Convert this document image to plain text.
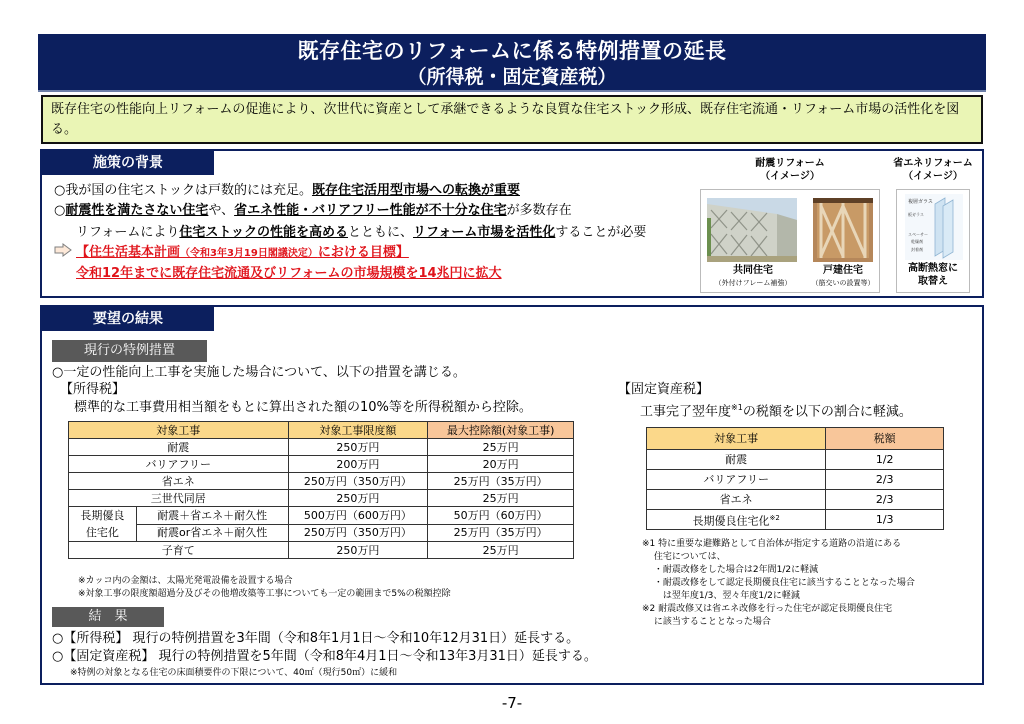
既存住宅のリフォームに係る特例措置の延長
（所得税・固定資産税）
既存住宅の性能向上リフォームの促進により、次世代に資産として承継できるような良質な住宅ストック形成、既存住宅流通・リフォーム市場の活性化を図る。
施策の背景
○我が国の住宅ストックは戸数的には充足。既存住宅活用型市場への転換が重要
○耐震性を満たさない住宅や、省エネ性能・バリアフリー性能が不十分な住宅が多数存在
リフォームにより住宅ストックの性能を高めるとともに、リフォーム市場を活性化することが必要
【住生活基本計画（令和3年3月19日閣議決定）における目標】
令和12年までに既存住宅流通及びリフォームの市場規模を14兆円に拡大
耐震リフォーム
（イメージ）
省エネリフォーム
（イメージ）
共同住宅
（外付けフレーム補強）
戸建住宅
（筋交いの設置等）
複層ガラス
板ガラス
スペーサー
乾燥剤
封着剤
高断熱窓に
取替え
要望の結果
現行の特例措置
○一定の性能向上工事を実施した場合について、以下の措置を講じる。
【所得税】
標準的な工事費用相当額をもとに算出された額の10%等を所得税額から控除。
対象工事		対象工事限度額	最大控除額(対象工事)
耐震		250万円	25万円
バリアフリー		200万円	20万円
省エネ		250万円（350万円）	25万円（35万円）
三世代同居		250万円	25万円

長期優良
住宅化	耐震＋省エネ＋耐久性	500万円（600万円）	50万円（60万円）
	耐震or省エネ＋耐久性	250万円（350万円）	25万円（35万円）
子育て		250万円	25万円
※カッコ内の金額は、太陽光発電設備を設置する場合
※対象工事の限度額超過分及びその他増改築等工事についても一定の範囲まで5%の税額控除
【固定資産税】
工事完了翌年度$^{※1}$の税額を以下の割合に軽減。
対象工事	税額
耐震	1/2
バリアフリー	2/3
省エネ	2/3
長期優良住宅化$^{※2}$	1/3
※1 特に重要な避難路として自治体が指定する道路の沿道にある
　 住宅については、
　 ・耐震改修をした場合は2年間1/2に軽減
　 ・耐震改修をして認定長期優良住宅に該当することとなった場合
　 　は翌年度1/3、翌々年度1/2に軽減
※2 耐震改修又は省エネ改修を行った住宅が認定長期優良住宅
　 に該当することとなった場合
結　果
○【所得税】 現行の特例措置を3年間（令和8年1月1日～令和10年12月31日）延長する。
○【固定資産税】 現行の特例措置を5年間（令和8年4月1日～令和13年3月31日）延長する。
※特例の対象となる住宅の床面積要件の下限について、40㎡（現行50㎡）に緩和
-7-
